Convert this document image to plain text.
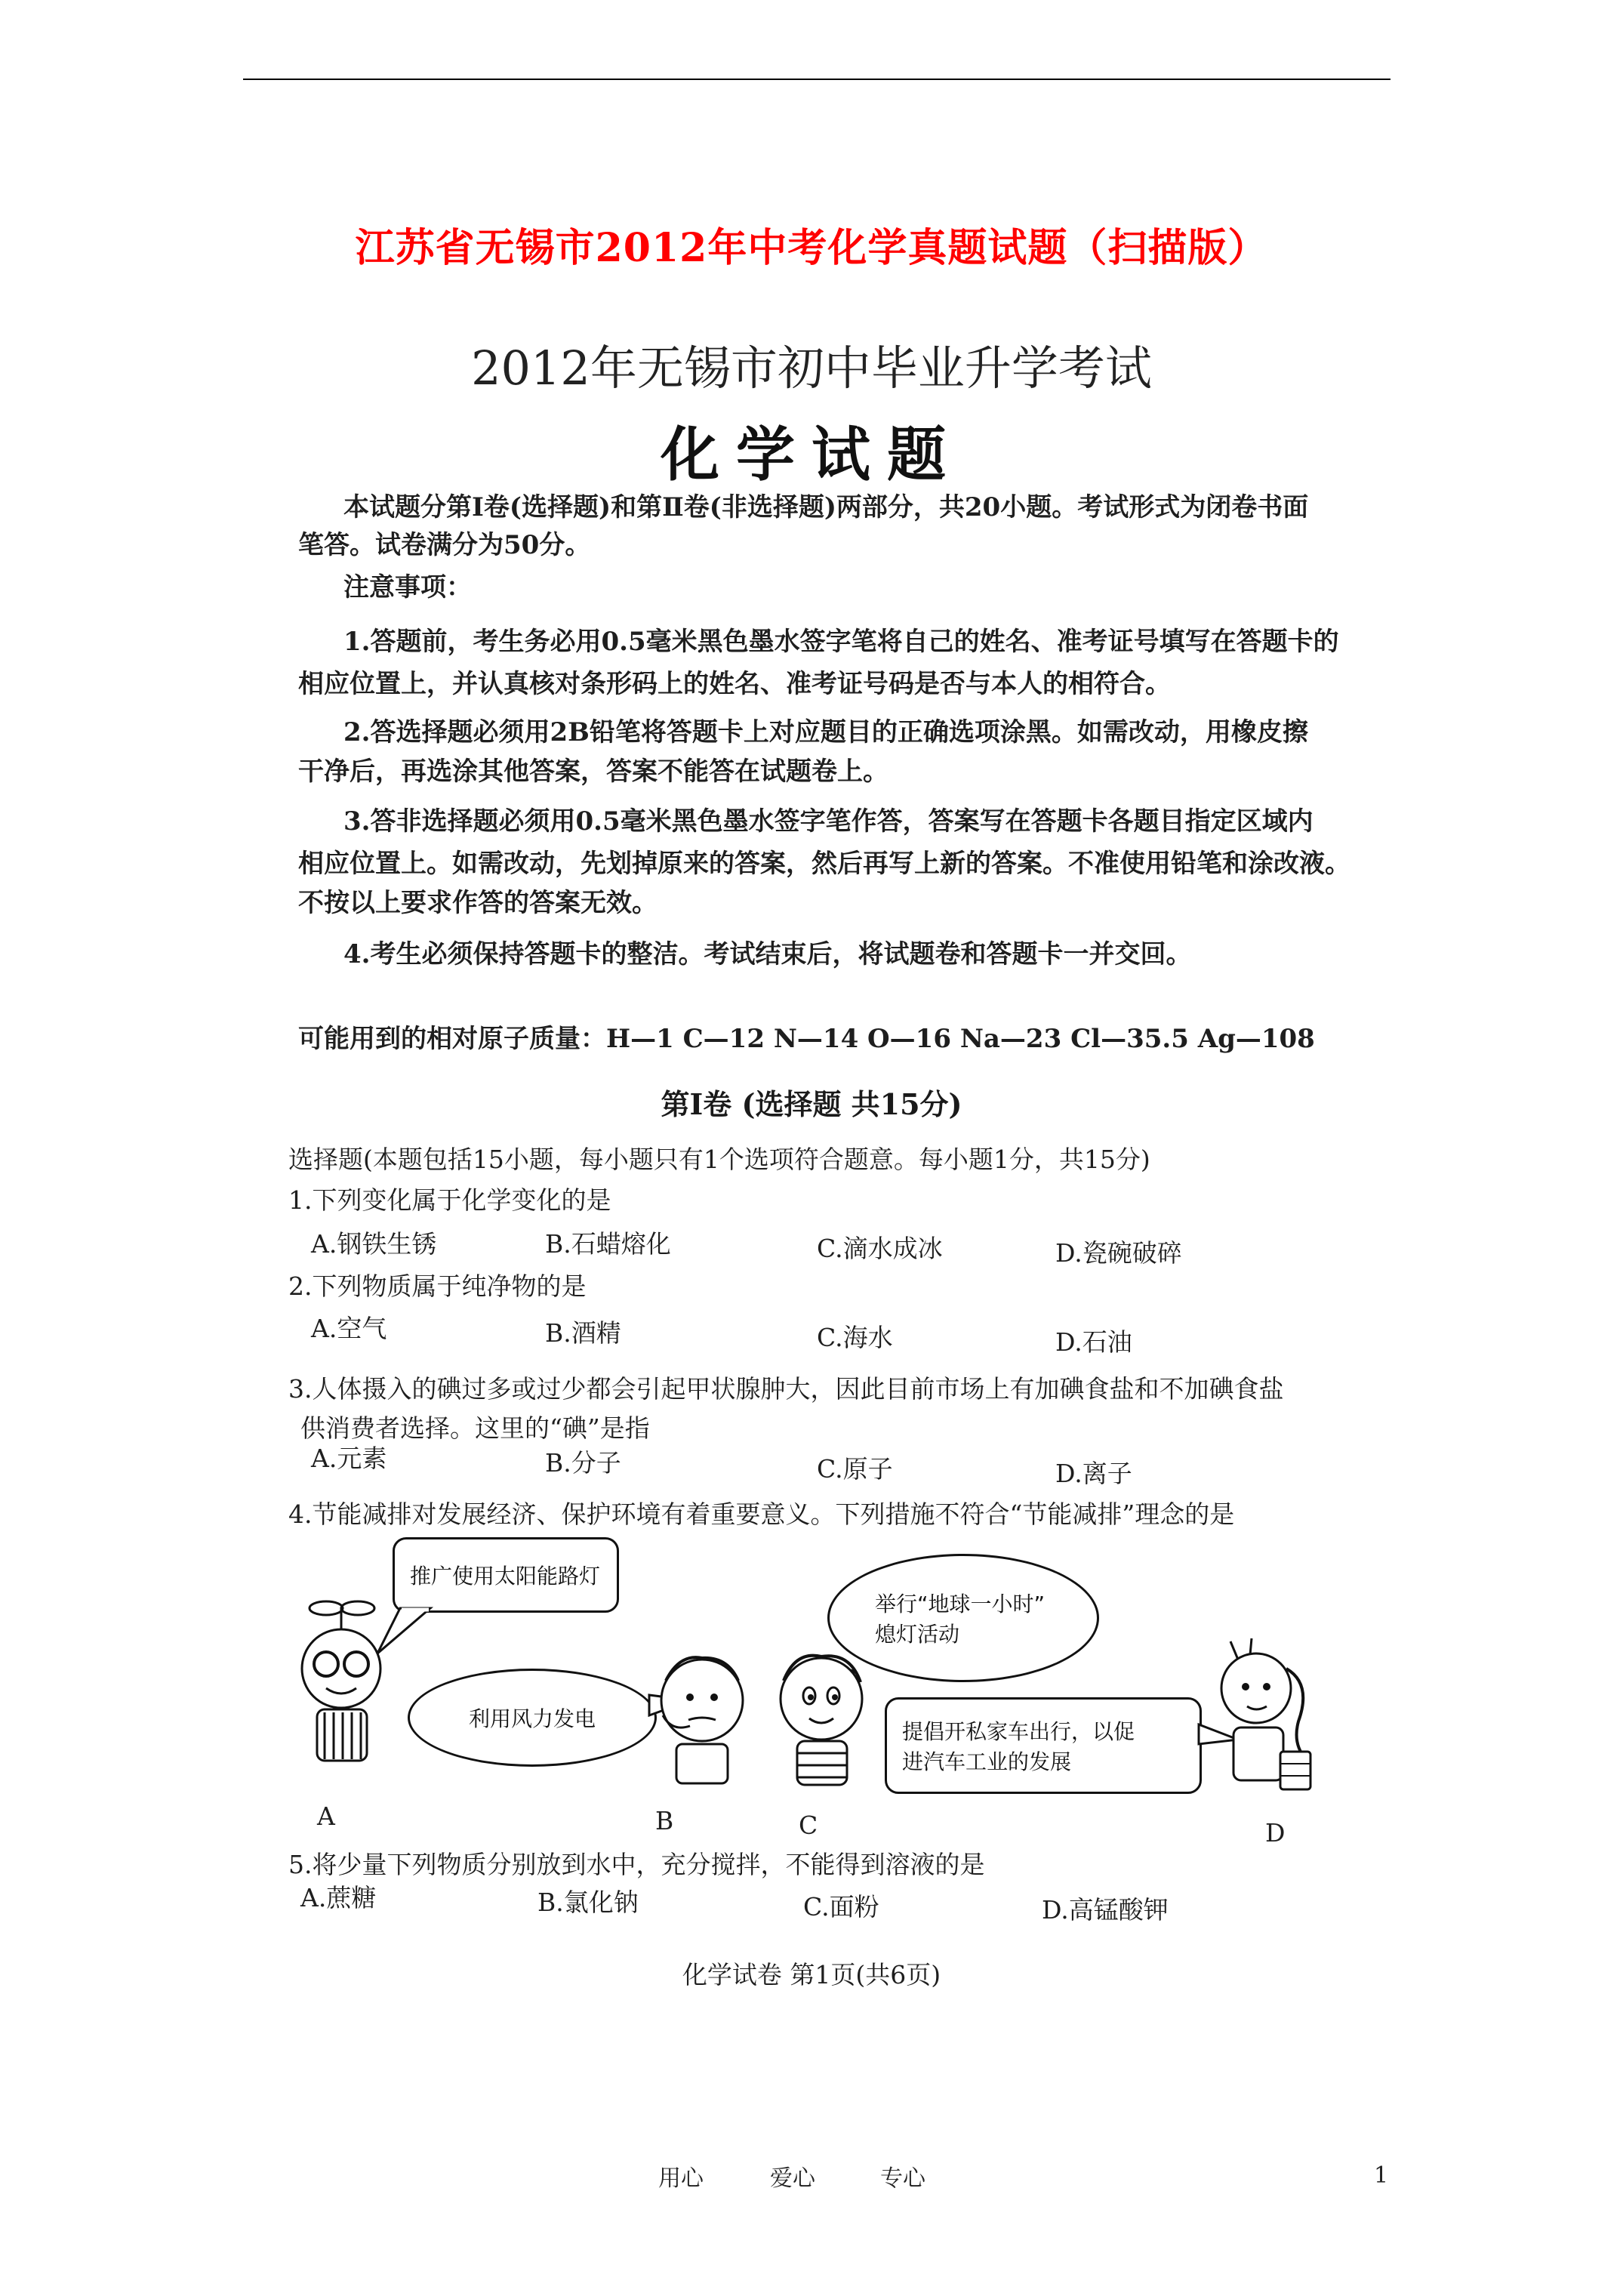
江苏省无锡市2012年中考化学真题试题（扫描版）
2012年无锡市初中毕业升学考试
化学试题
本试题分第Ⅰ卷(选择题)和第Ⅱ卷(非选择题)两部分，共20小题。考试形式为闭卷书面
笔答。试卷满分为50分。
注意事项：
1.答题前，考生务必用0.5毫米黑色墨水签字笔将自己的姓名、准考证号填写在答题卡的
相应位置上，并认真核对条形码上的姓名、准考证号码是否与本人的相符合。
2.答选择题必须用2B铅笔将答题卡上对应题目的正确选项涂黑。如需改动，用橡皮擦
干净后，再选涂其他答案，答案不能答在试题卷上。
3.答非选择题必须用0.5毫米黑色墨水签字笔作答，答案写在答题卡各题目指定区域内
相应位置上。如需改动，先划掉原来的答案，然后再写上新的答案。不准使用铅笔和涂改液。
不按以上要求作答的答案无效。
4.考生必须保持答题卡的整洁。考试结束后，将试题卷和答题卡一并交回。
可能用到的相对原子质量：H—1 C—12 N—14 O—16 Na—23 Cl—35.5 Ag—108
第Ⅰ卷 (选择题 共15分)
选择题(本题包括15小题，每小题只有1个选项符合题意。每小题1分，共15分)
1.下列变化属于化学变化的是
A.钢铁生锈	B.石蜡熔化	C.滴水成冰	D.瓷碗破碎
2.下列物质属于纯净物的是
A.空气	B.酒精	C.海水	D.石油
3.人体摄入的碘过多或过少都会引起甲状腺肿大，因此目前市场上有加碘食盐和不加碘食盐
供消费者选择。这里的“碘”是指
A.元素	B.分子	C.原子	D.离子
4.节能减排对发展经济、保护环境有着重要意义。下列措施不符合“节能减排”理念的是
推广使用太阳能路灯
利用风力发电
举行“地球一小时”
熄灯活动
提倡开私家车出行，以促
进汽车工业的发展
A	B	C	D
5.将少量下列物质分别放到水中，充分搅拌，不能得到溶液的是
A.蔗糖	B.氯化钠	C.面粉	D.高锰酸钾
化学试卷 第1页(共6页)
用心	爱心	专心	1
